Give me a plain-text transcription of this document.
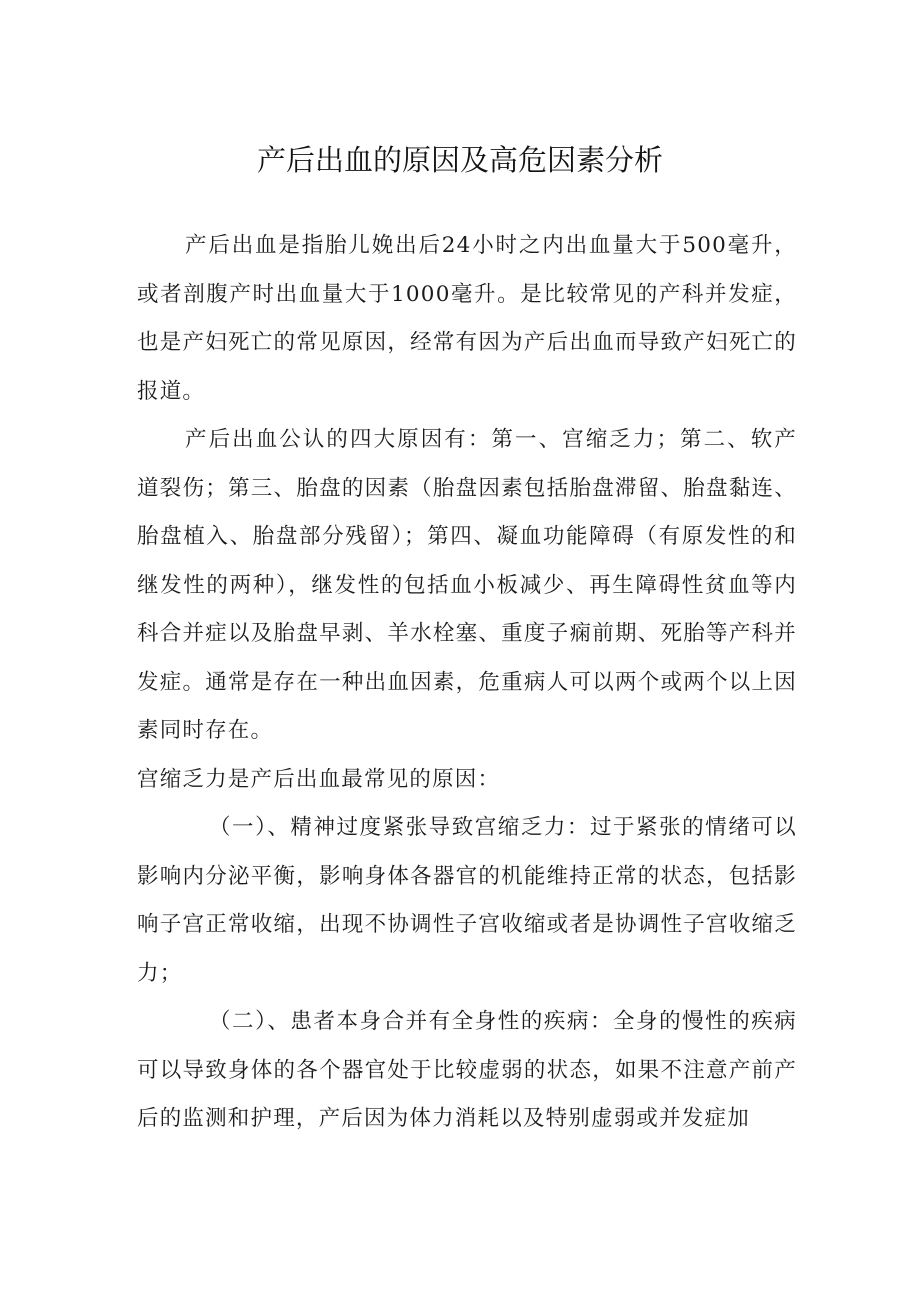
产后出血的原因及高危因素分析

产后出血是指胎儿娩出后24小时之内出血量大于500毫升，或者剖腹产时出血量大于1000毫升。是比较常见的产科并发症，也是产妇死亡的常见原因，经常有因为产后出血而导致产妇死亡的报道。

产后出血公认的四大原因有：第一、宫缩乏力；第二、软产道裂伤；第三、胎盘的因素（胎盘因素包括胎盘滞留、胎盘黏连、胎盘植入、胎盘部分残留）；第四、凝血功能障碍（有原发性的和继发性的两种），继发性的包括血小板减少、再生障碍性贫血等内科合并症以及胎盘早剥、羊水栓塞、重度子痫前期、死胎等产科并发症。通常是存在一种出血因素，危重病人可以两个或两个以上因素同时存在。

宫缩乏力是产后出血最常见的原因：

（一）、精神过度紧张导致宫缩乏力：过于紧张的情绪可以影响内分泌平衡，影响身体各器官的机能维持正常的状态，包括影响子宫正常收缩，出现不协调性子宫收缩或者是协调性子宫收缩乏力；

（二）、患者本身合并有全身性的疾病：全身的慢性的疾病可以导致身体的各个器官处于比较虚弱的状态，如果不注意产前产后的监测和护理，产后因为体力消耗以及特别虚弱或并发症加
